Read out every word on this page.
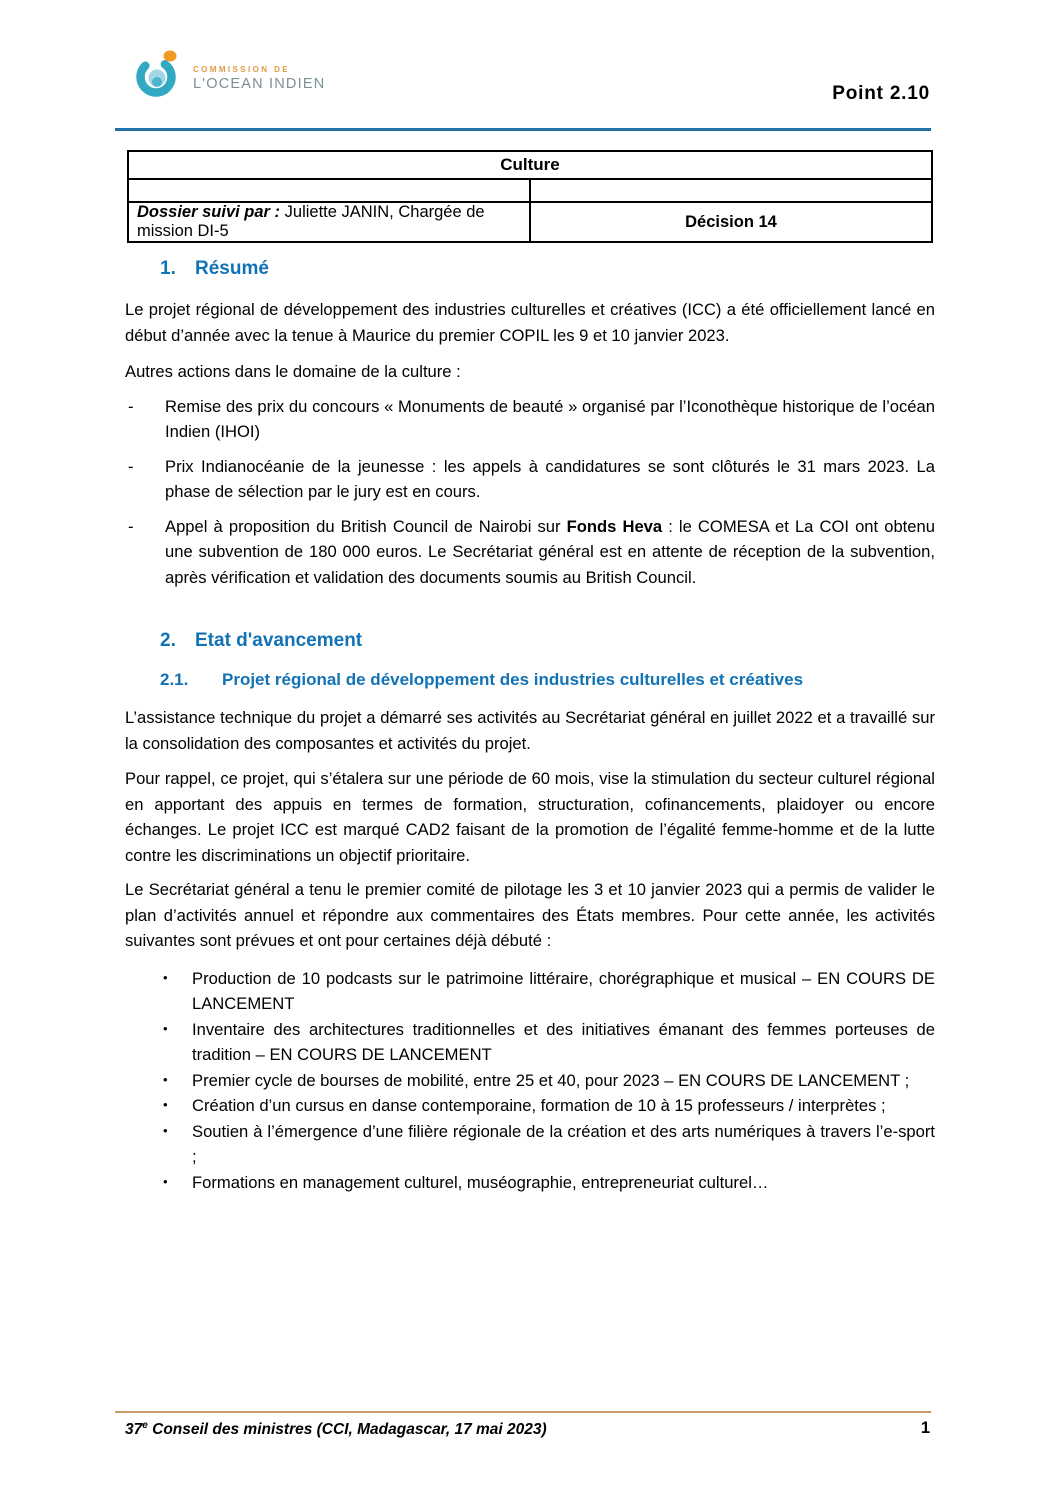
COMMISSION DE
L'OCEAN INDIEN	Point 2.10
Culture	

Dossier suivi par : Juliette JANIN, Chargée de mission DI-5	Décision 14
1. Résumé

Le projet régional de développement des industries culturelles et créatives (ICC) a été officiellement lancé en début d’année avec la tenue à Maurice du premier COPIL les 9 et 10 janvier 2023.

Autres actions dans le domaine de la culture :

- Remise des prix du concours « Monuments de beauté » organisé par l’Iconothèque historique de l’océan Indien (IHOI)
- Prix Indianocéanie de la jeunesse : les appels à candidatures se sont clôturés le 31 mars 2023. La phase de sélection par le jury est en cours.
- Appel à proposition du British Council de Nairobi sur Fonds Heva : le COMESA et La COI ont obtenu une subvention de 180 000 euros. Le Secrétariat général est en attente de réception de la subvention, après vérification et validation des documents soumis au British Council.
2. Etat d'avancement
2.1. Projet régional de développement des industries culturelles et créatives

L’assistance technique du projet a démarré ses activités au Secrétariat général en juillet 2022 et a travaillé sur la consolidation des composantes et activités du projet.

Pour rappel, ce projet, qui s’étalera sur une période de 60 mois, vise la stimulation du secteur culturel régional en apportant des appuis en termes de formation, structuration, cofinancements, plaidoyer ou encore échanges. Le projet ICC est marqué CAD2 faisant de la promotion de l’égalité femme-homme et de la lutte contre les discriminations un objectif prioritaire.

Le Secrétariat général a tenu le premier comité de pilotage les 3 et 10 janvier 2023 qui a permis de valider le plan d’activités annuel et répondre aux commentaires des États membres. Pour cette année, les activités suivantes sont prévues et ont pour certaines déjà débuté :

• Production de 10 podcasts sur le patrimoine littéraire, chorégraphique et musical – EN COURS DE LANCEMENT
• Inventaire des architectures traditionnelles et des initiatives émanant des femmes porteuses de tradition – EN COURS DE LANCEMENT
• Premier cycle de bourses de mobilité, entre 25 et 40, pour 2023 – EN COURS DE LANCEMENT ;
• Création d’un cursus en danse contemporaine, formation de 10 à 15 professeurs / interprètes ;
• Soutien à l’émergence d’une filière régionale de la création et des arts numériques à travers l’e-sport ;
• Formations en management culturel, muséographie, entrepreneuriat culturel…
37e Conseil des ministres (CCI, Madagascar, 17 mai 2023)	1
